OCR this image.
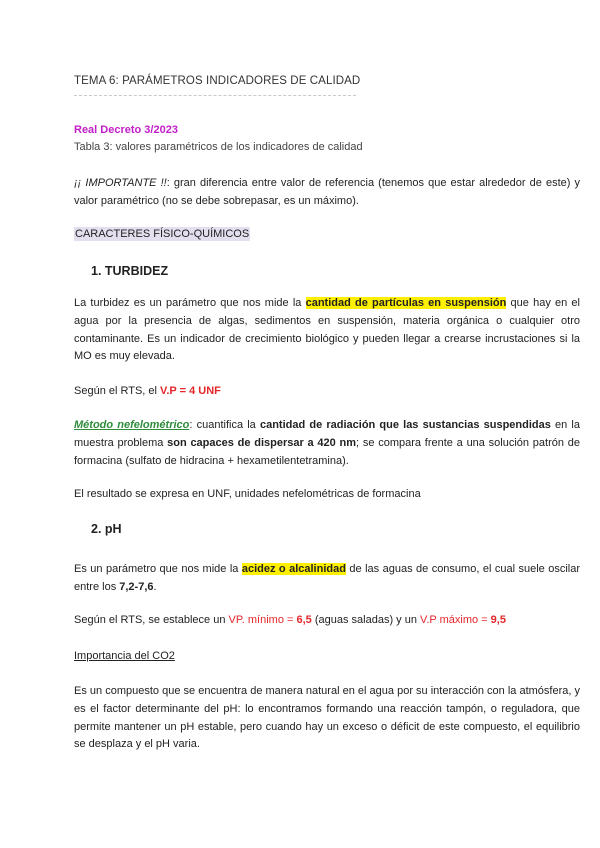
TEMA 6: PARÁMETROS INDICADORES DE CALIDAD
Real Decreto 3/2023
Tabla 3: valores paramétricos de los indicadores de calidad
¡¡ IMPORTANTE !!: gran diferencia entre valor de referencia (tenemos que estar alrededor de este) y valor paramétrico (no se debe sobrepasar, es un máximo).
CARACTERES FÍSICO-QUÍMICOS
1. TURBIDEZ
La turbidez es un parámetro que nos mide la cantidad de partículas en suspensión que hay en el agua por la presencia de algas, sedimentos en suspensión, materia orgánica o cualquier otro contaminante. Es un indicador de crecimiento biológico y pueden llegar a crearse incrustaciones si la MO es muy elevada.
Según el RTS, el V.P = 4 UNF
Método nefelométrico: cuantifica la cantidad de radiación que las sustancias suspendidas en la muestra problema son capaces de dispersar a 420 nm; se compara frente a una solución patrón de formacina (sulfato de hidracina + hexametilentetramina).
El resultado se expresa en UNF, unidades nefelométricas de formacina
2. pH
Es un parámetro que nos mide la acidez o alcalinidad de las aguas de consumo, el cual suele oscilar entre los 7,2-7,6.
Según el RTS, se establece un VP. mínimo = 6,5 (aguas saladas) y un V.P máximo = 9,5
Importancia del CO2
Es un compuesto que se encuentra de manera natural en el agua por su interacción con la atmósfera, y es el factor determinante del pH: lo encontramos formando una reacción tampón, o reguladora, que permite mantener un pH estable, pero cuando hay un exceso o déficit de este compuesto, el equilibrio se desplaza y el pH varia.
